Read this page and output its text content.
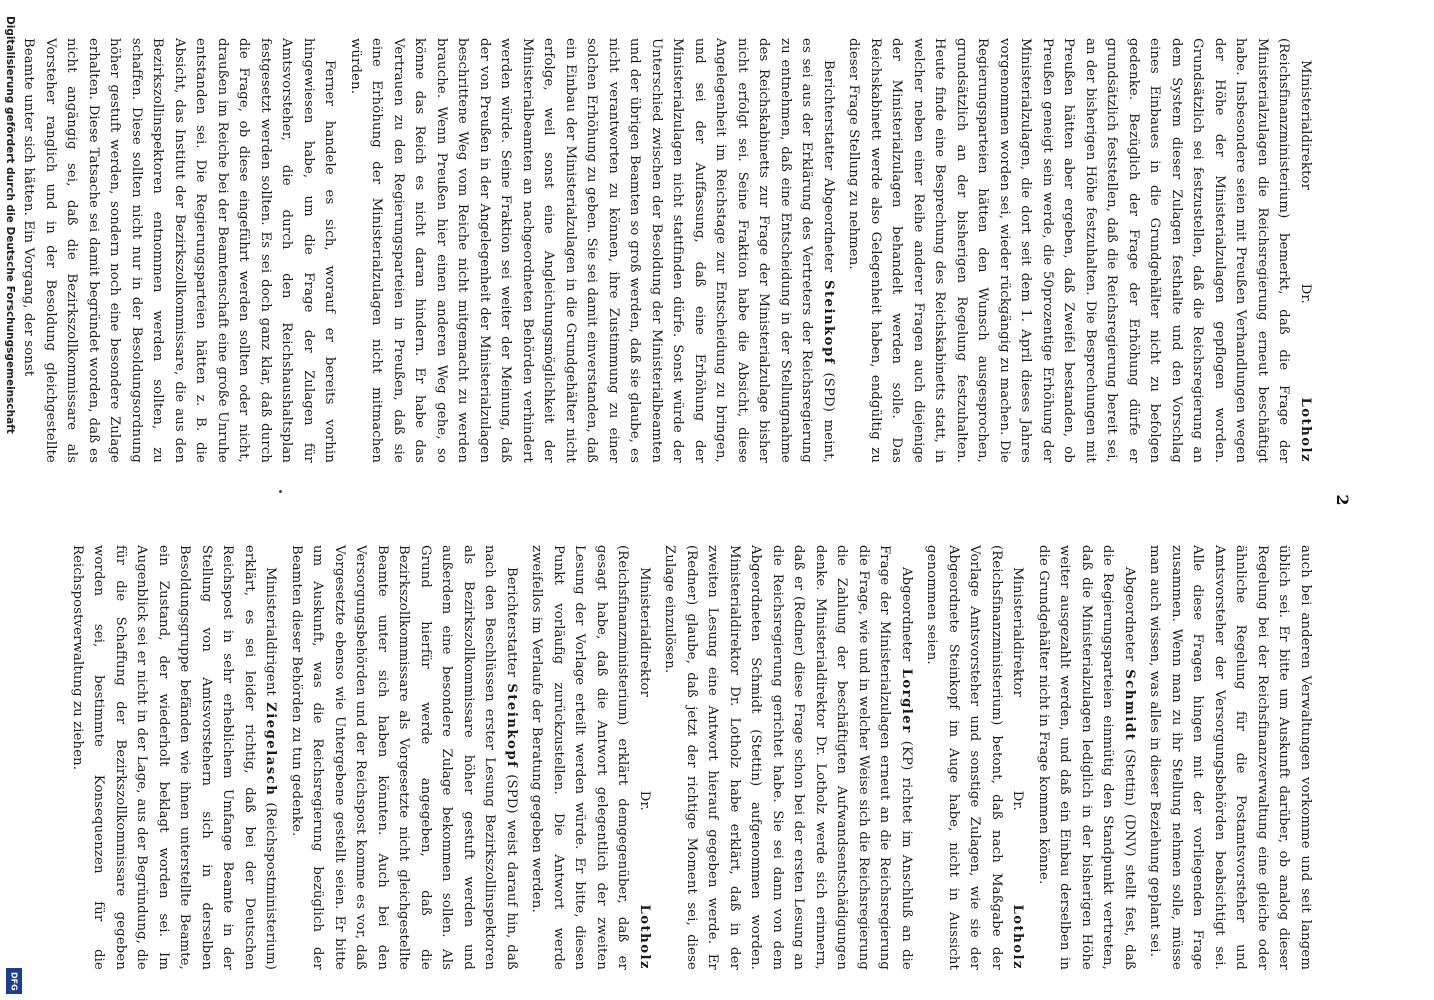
2

Ministerialdirektor Dr. Lotholz (Reichsfinanzministerium) bemerkt, daß die Frage der Ministerialzulagen die Reichsregierung erneut beschäftigt habe. Insbesondere seien mit Preußen Verhandlungen wegen der Höhe der Ministerialzulagen gepflogen worden. Grundsätzlich sei festzustellen, daß die Reichsregierung an dem System dieser Zulagen festhalte und den Vorschlag eines Einbaues in die Grundgehälter nicht zu befolgen gedenke. Bezüglich der Frage der Erhöhung dürfe er grundsätzlich feststellen, daß die Reichsregierung bereit sei, an der bisherigen Höhe festzuhalten. Die Besprechungen mit Preußen hätten aber ergeben, daß Zweifel bestanden, ob Preußen geneigt sein werde, die 50prozentige Erhöhung der Ministerialzulagen, die dort seit dem 1. April dieses Jahres vorgenommen worden sei, wieder rückgängig zu machen. Die Regierungsparteien hätten den Wunsch ausgesprochen, grundsätzlich an der bisherigen Regelung festzuhalten. Heute finde eine Besprechung des Reichskabinetts statt, in welcher neben einer Reihe anderer Fragen auch diejenige der Ministerialzulagen behandelt werden solle. Das Reichskabinett werde also Gelegenheit haben, endgültig zu dieser Frage Stellung zu nehmen.

Berichterstatter Abgeordneter Steinkopf (SPD) meint, es sei aus der Erklärung des Vertreters der Reichsregierung zu entnehmen, daß eine Entscheidung in der Stellungnahme des Reichskabinetts zur Frage der Ministerialzulage bisher nicht erfolgt sei. Seine Fraktion habe die Absicht, diese Angelegenheit im Reichstage zur Entscheidung zu bringen, und sei der Auffassung, daß eine Erhöhung der Ministerialzulagen nicht stattfinden dürfe. Sonst würde der Unterschied zwischen der Besoldung der Ministerialbeamten und der übrigen Beamten so groß werden, daß sie glaube, es nicht verantworten zu können, ihre Zustimmung zu einer solchen Erhöhung zu geben. Sie sei damit einverstanden, daß ein Einbau der Ministerialzulagen in die Grundgehälter nicht erfolge, weil sonst eine Angleichungsmöglichkeit der Ministerialbeamten an nachgeordneten Behörden verhindert werden würde. Seine Fraktion sei weiter der Meinung, daß der von Preußen in der Angelegenheit der Ministerialzulagen beschrittene Weg vom Reiche nicht mitgemacht zu werden brauche. Wenn Preußen hier einen anderen Weg gehe, so könne das Reich es nicht daran hindern. Er habe das Vertrauen zu den Regierungsparteien in Preußen, daß sie eine Erhöhung der Ministerialzulagen nicht mitmachen würden.

Ferner handele es sich, worauf er bereits vorhin hingewiesen habe, um die Frage der Zulagen für Amtsvorsteher, die durch den Reichshaushaltsplan festgesetzt werden sollten. Es sei doch ganz klar, daß durch die Frage, ob diese eingeführt werden sollten oder nicht, draußen im Reiche bei der Beamtenschaft eine große Unruhe entstanden sei. Die Regierungsparteien hätten z. B. die Absicht, das Institut der Bezirkszollkommissare, die aus den Bezirkszollinspektoren entnommen werden sollten, zu schaffen. Diese sollten nicht nur in der Besoldungsordnung höher gestuft werden, sondern noch eine besondere Zulage erhalten. Diese Tatsache sei damit begründet worden, daß es nicht angängig sei, daß die Bezirkszollkommissare als Vorsteher ranglich und in der Besoldung gleichgestellte Beamte unter sich hätten. Ein Vorgang, der sonst

auch bei anderen Verwaltungen vorkomme und seit langem üblich sei. Er bitte um Auskunft darüber, ob analog dieser Regelung bei der Reichsfinanzverwaltung eine gleiche oder ähnliche Regelung für die Postamtsvorsteher und Amtsvorsteher der Versorgungsbehörden beabsichtigt sei. Alle diese Fragen hingen mit der vorliegenden Frage zusammen. Wenn man zu ihr Stellung nehmen solle, müsse man auch wissen, was alles in dieser Beziehung geplant sei.

Abgeordneter Schmidt (Stettin) (DNV) stellt fest, daß die Regierungsparteien einmütig den Standpunkt vertreten, daß die Ministerialzulagen lediglich in der bisherigen Höhe weiter ausgezahlt werden, und daß ein Einbau derselben in die Grundgehälter nicht in Frage kommen könne.

Ministerialdirektor Dr. Lotholz (Reichsfinanzministerium) betont, daß nach Maßgabe der Vorlage Amtsvorsteher und sonstige Zulagen, wie sie der Abgeordnete Steinkopf im Auge habe, nicht in Aussicht genommen seien.

Abgeordneter Lorgler (KP) richtet im Anschluß an die Frage der Ministerialzulagen erneut an die Reichsregierung die Frage, wie und in welcher Weise sich die Reichsregierung die Zahlung der beschäftigten Aufwandsentschädigungen denke. Ministerialdirektor Dr. Lotholz werde sich erinnern, daß er (Redner) diese Frage schon bei der ersten Lesung an die Reichsregierung gerichtet habe. Sie sei dann von dem Abgeordneten Schmidt (Stettin) aufgenommen worden. Ministerialdirektor Dr. Lotholz habe erklärt, daß in der zweiten Lesung eine Antwort hierauf gegeben werde. Er (Redner) glaube, daß jetzt der richtige Moment sei, diese Zulage einzulösen.

Ministerialdirektor Dr. Lotholz (Reichsfinanzministerium) erklärt demgegenüber, daß er gesagt habe, daß die Antwort gelegentlich der zweiten Lesung der Vorlage erteilt werden würde. Er bitte, diesen Punkt vorläufig zurückzustellen. Die Antwort werde zweifellos im Verlaufe der Beratung gegeben werden.

Berichterstatter Steinkopf (SPD) weist darauf hin, daß nach den Beschlüssen erster Lesung Bezirkszollinspektoren als Bezirkszollkommissare höher gestuft werden und außerdem eine besondere Zulage bekommen sollen. Als Grund hierfür werde angegeben, daß die Bezirkszollkommissare als Vorgesetzte nicht gleichgestellte Beamte unter sich haben könnten. Auch bei den Versorgungsbehörden und der Reichspost komme es vor, daß Vorgesetzte ebenso wie Untergebene gestellt seien. Er bitte um Auskunft, was die Reichsregierung bezüglich der Beamten dieser Behörden zu tun gedenke.

Ministerialdirigent Ziegelasch (Reichspostministerium) erklärt, es sei leider richtig, daß bei der Deutschen Reichspost in sehr erheblichem Umfange Beamte in der Stellung von Amtsvorstehern sich in derselben Besoldungsgruppe befänden wie ihnen unterstellte Beamte, ein Zustand, der wiederholt beklagt worden sei. Im Augenblick sei er nicht in der Lage, aus der Begründung, die für die Schaffung der Bezirkszollkommissare gegeben worden sei, bestimmte Konsequenzen für die Reichspostverwaltung zu ziehen.

Digitalisierung gefördert durch die Deutsche Forschungsgemeinschaft
DFG
